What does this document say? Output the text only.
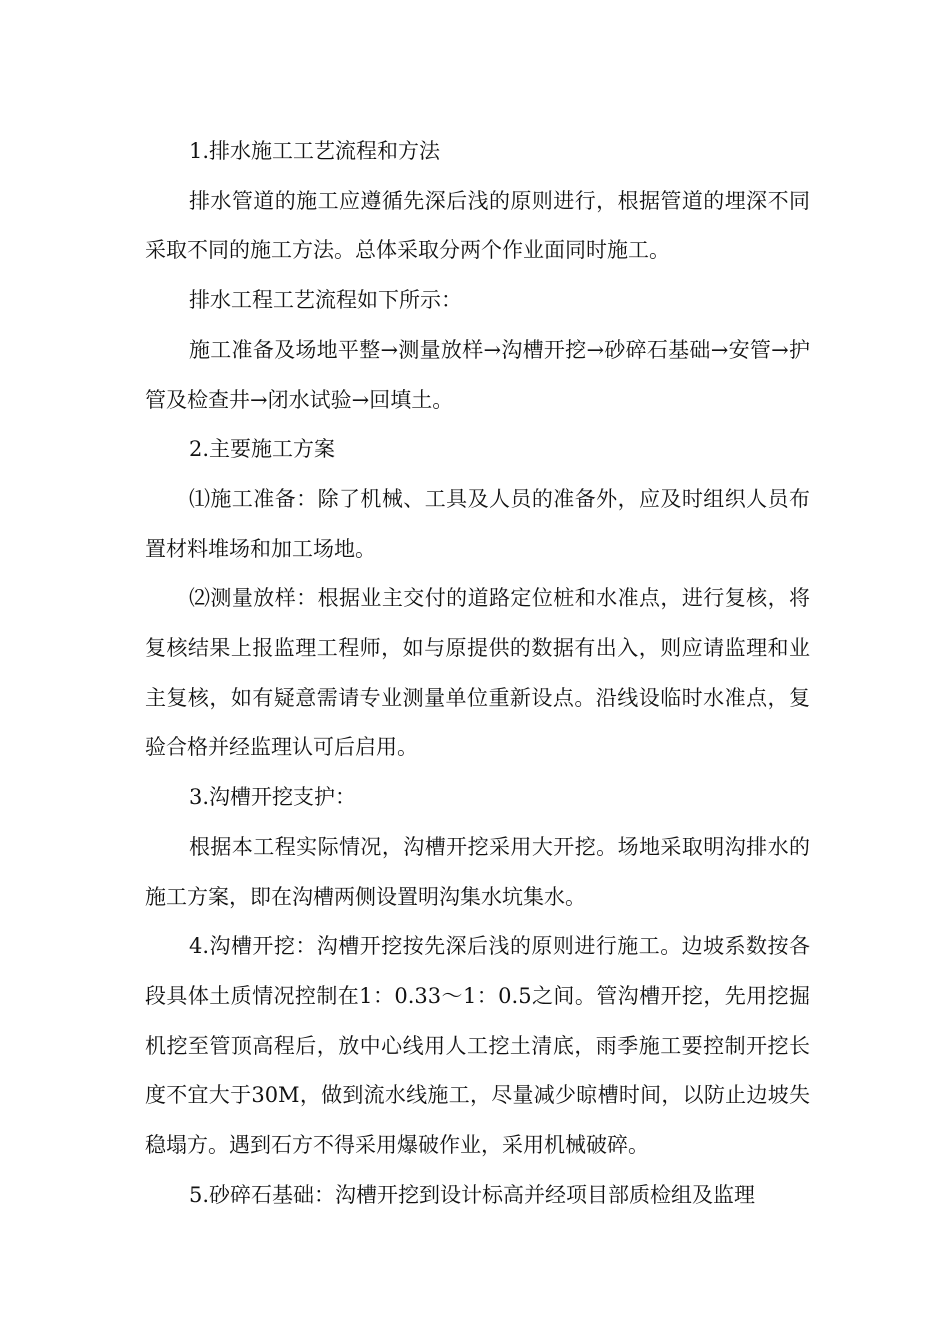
1.排水施工工艺流程和方法

排水管道的施工应遵循先深后浅的原则进行，根据管道的埋深不同采取不同的施工方法。总体采取分两个作业面同时施工。

排水工程工艺流程如下所示：

施工准备及场地平整→测量放样→沟槽开挖→砂碎石基础→安管→护管及检查井→闭水试验→回填土。

2.主要施工方案

⑴施工准备：除了机械、工具及人员的准备外，应及时组织人员布置材料堆场和加工场地。

⑵测量放样：根据业主交付的道路定位桩和水准点，进行复核，将复核结果上报监理工程师，如与原提供的数据有出入，则应请监理和业主复核，如有疑意需请专业测量单位重新设点。沿线设临时水准点，复验合格并经监理认可后启用。

3.沟槽开挖支护：

根据本工程实际情况，沟槽开挖采用大开挖。场地采取明沟排水的施工方案，即在沟槽两侧设置明沟集水坑集水。

4.沟槽开挖：沟槽开挖按先深后浅的原则进行施工。边坡系数按各段具体土质情况控制在1：0.33～1：0.5之间。管沟槽开挖，先用挖掘机挖至管顶高程后，放中心线用人工挖土清底，雨季施工要控制开挖长度不宜大于30M，做到流水线施工，尽量减少晾槽时间，以防止边坡失稳塌方。遇到石方不得采用爆破作业，采用机械破碎。

5.砂碎石基础：沟槽开挖到设计标高并经项目部质检组及监理
